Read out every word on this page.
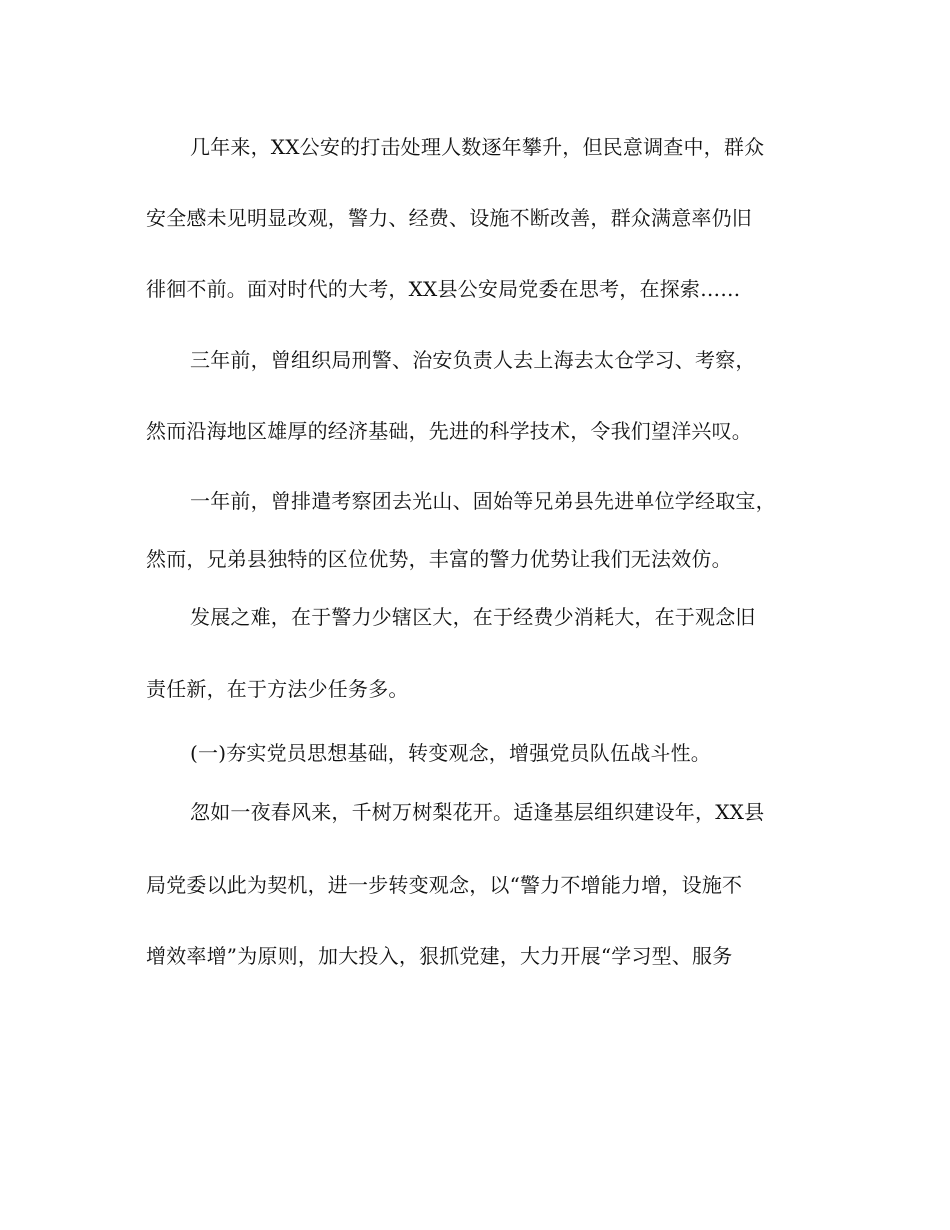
几年来，XX公安的打击处理人数逐年攀升，但民意调查中，群众
安全感未见明显改观，警力、经费、设施不断改善，群众满意率仍旧
徘徊不前。面对时代的大考，XX县公安局党委在思考，在探索……
三年前，曾组织局刑警、治安负责人去上海去太仓学习、考察，
然而沿海地区雄厚的经济基础，先进的科学技术，令我们望洋兴叹。
一年前，曾排遣考察团去光山、固始等兄弟县先进单位学经取宝，
然而，兄弟县独特的区位优势，丰富的警力优势让我们无法效仿。
发展之难，在于警力少辖区大，在于经费少消耗大，在于观念旧
责任新，在于方法少任务多。
(一)夯实党员思想基础，转变观念，增强党员队伍战斗性。
忽如一夜春风来，千树万树梨花开。适逢基层组织建设年，XX县
局党委以此为契机，进一步转变观念，以“警力不增能力增，设施不
增效率增”为原则，加大投入，狠抓党建，大力开展“学习型、服务
